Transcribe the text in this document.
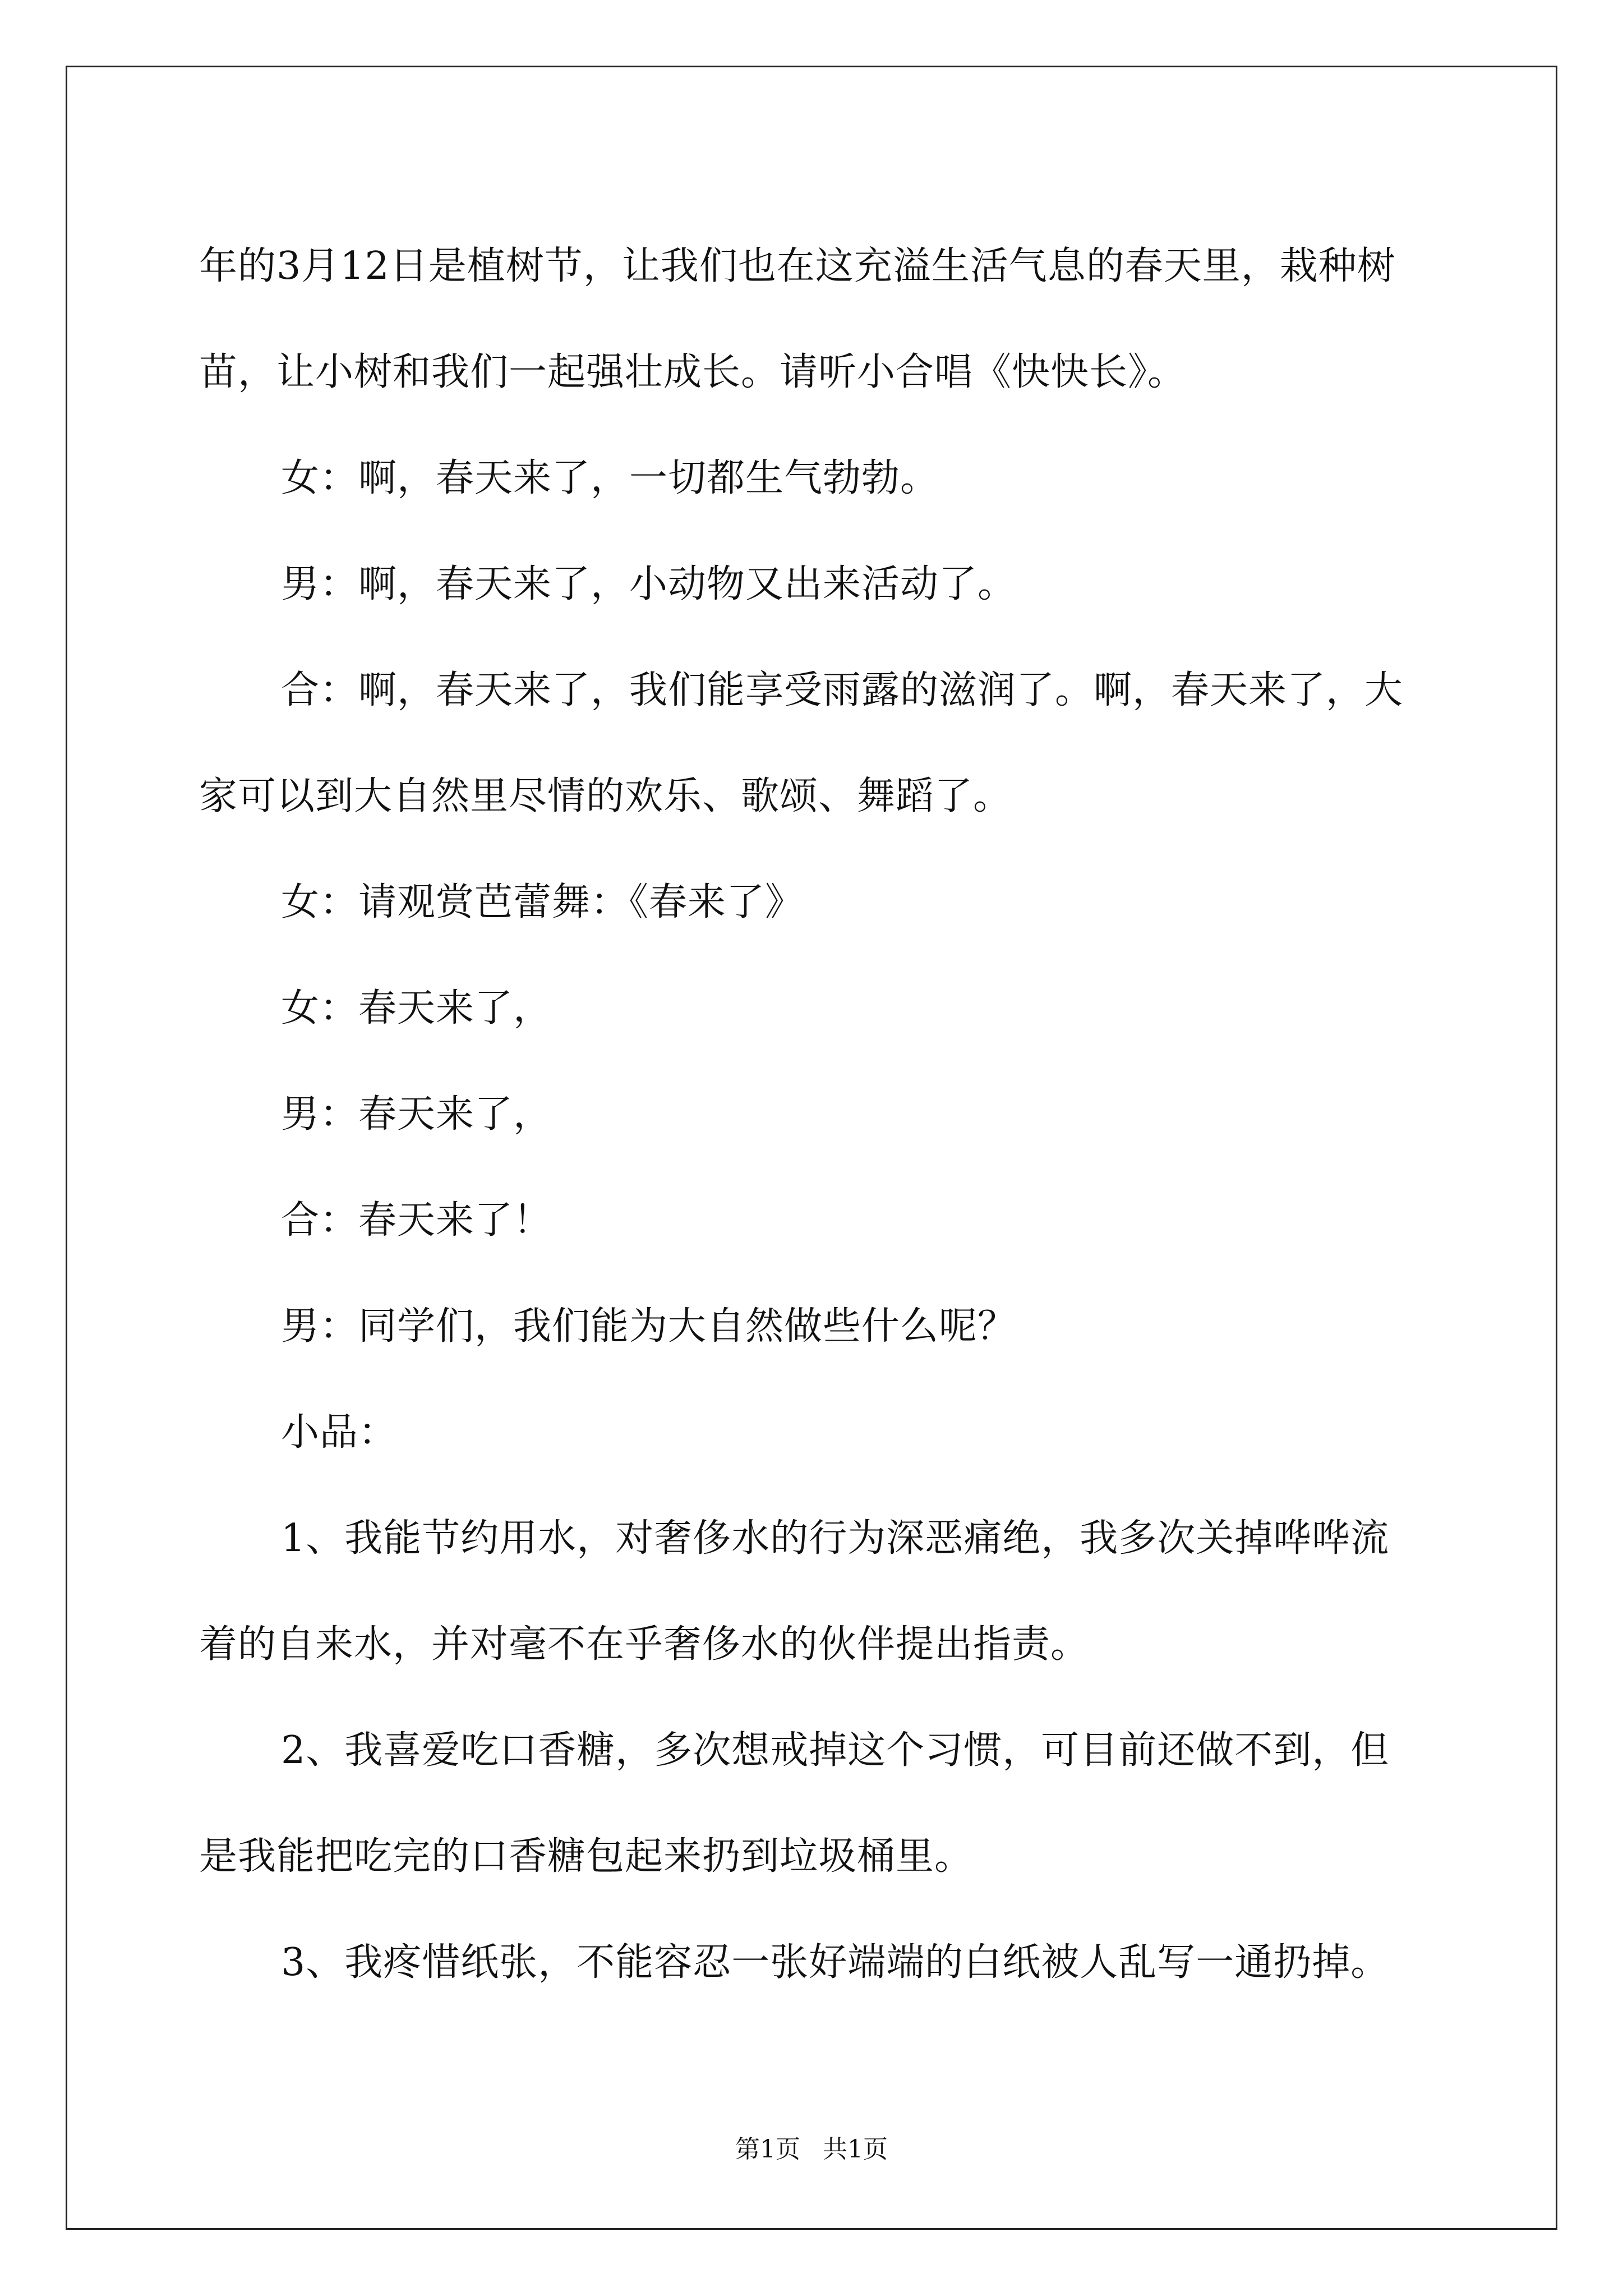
年的3月12日是植树节，让我们也在这充溢生活气息的春天里，栽种树苗，让小树和我们一起强壮成长。请听小合唱《快快长》。

女：啊，春天来了，一切都生气勃勃。

男：啊，春天来了，小动物又出来活动了。

合：啊，春天来了，我们能享受雨露的滋润了。啊，春天来了，大家可以到大自然里尽情的欢乐、歌颂、舞蹈了。

女：请观赏芭蕾舞：《春来了》

女：春天来了，

男：春天来了，

合：春天来了！

男：同学们，我们能为大自然做些什么呢？

小品：

1、我能节约用水，对奢侈水的行为深恶痛绝，我多次关掉哗哗流着的自来水，并对毫不在乎奢侈水的伙伴提出指责。

2、我喜爱吃口香糖，多次想戒掉这个习惯，可目前还做不到，但是我能把吃完的口香糖包起来扔到垃圾桶里。

3、我疼惜纸张，不能容忍一张好端端的白纸被人乱写一通扔掉。

第1页 共1页
